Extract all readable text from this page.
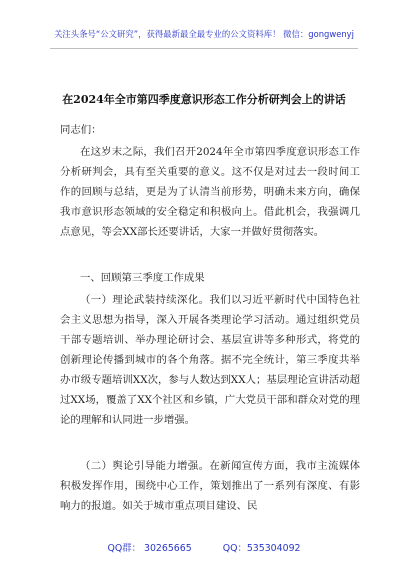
关注头条号“公文研究”，获得最新最全最专业的公文资料库！ 微信：gongwenyj
在2024年全市第四季度意识形态工作分析研判会上的讲话
同志们：
在这岁末之际，我们召开2024年全市第四季度意识形态工作分析研判会，具有至关重要的意义。这不仅是对过去一段时间工作的回顾与总结，更是为了认清当前形势，明确未来方向，确保我市意识形态领域的安全稳定和积极向上。借此机会，我强调几点意见，等会XX部长还要讲话，大家一并做好贯彻落实。
一、回顾第三季度工作成果
（一）理论武装持续深化。我们以习近平新时代中国特色社会主义思想为指导，深入开展各类理论学习活动。通过组织党员干部专题培训、举办理论研讨会、基层宣讲等多种形式，将党的创新理论传播到城市的各个角落。据不完全统计，第三季度共举办市级专题培训XX次，参与人数达到XX人；基层理论宣讲活动超过XX场，覆盖了XX个社区和乡镇，广大党员干部和群众对党的理论的理解和认同进一步增强。
（二）舆论引导能力增强。在新闻宣传方面，我市主流媒体积极发挥作用，围绕中心工作，策划推出了一系列有深度、有影响力的报道。如关于城市重点项目建设、民
QQ群： 30265665	QQ：535304092
